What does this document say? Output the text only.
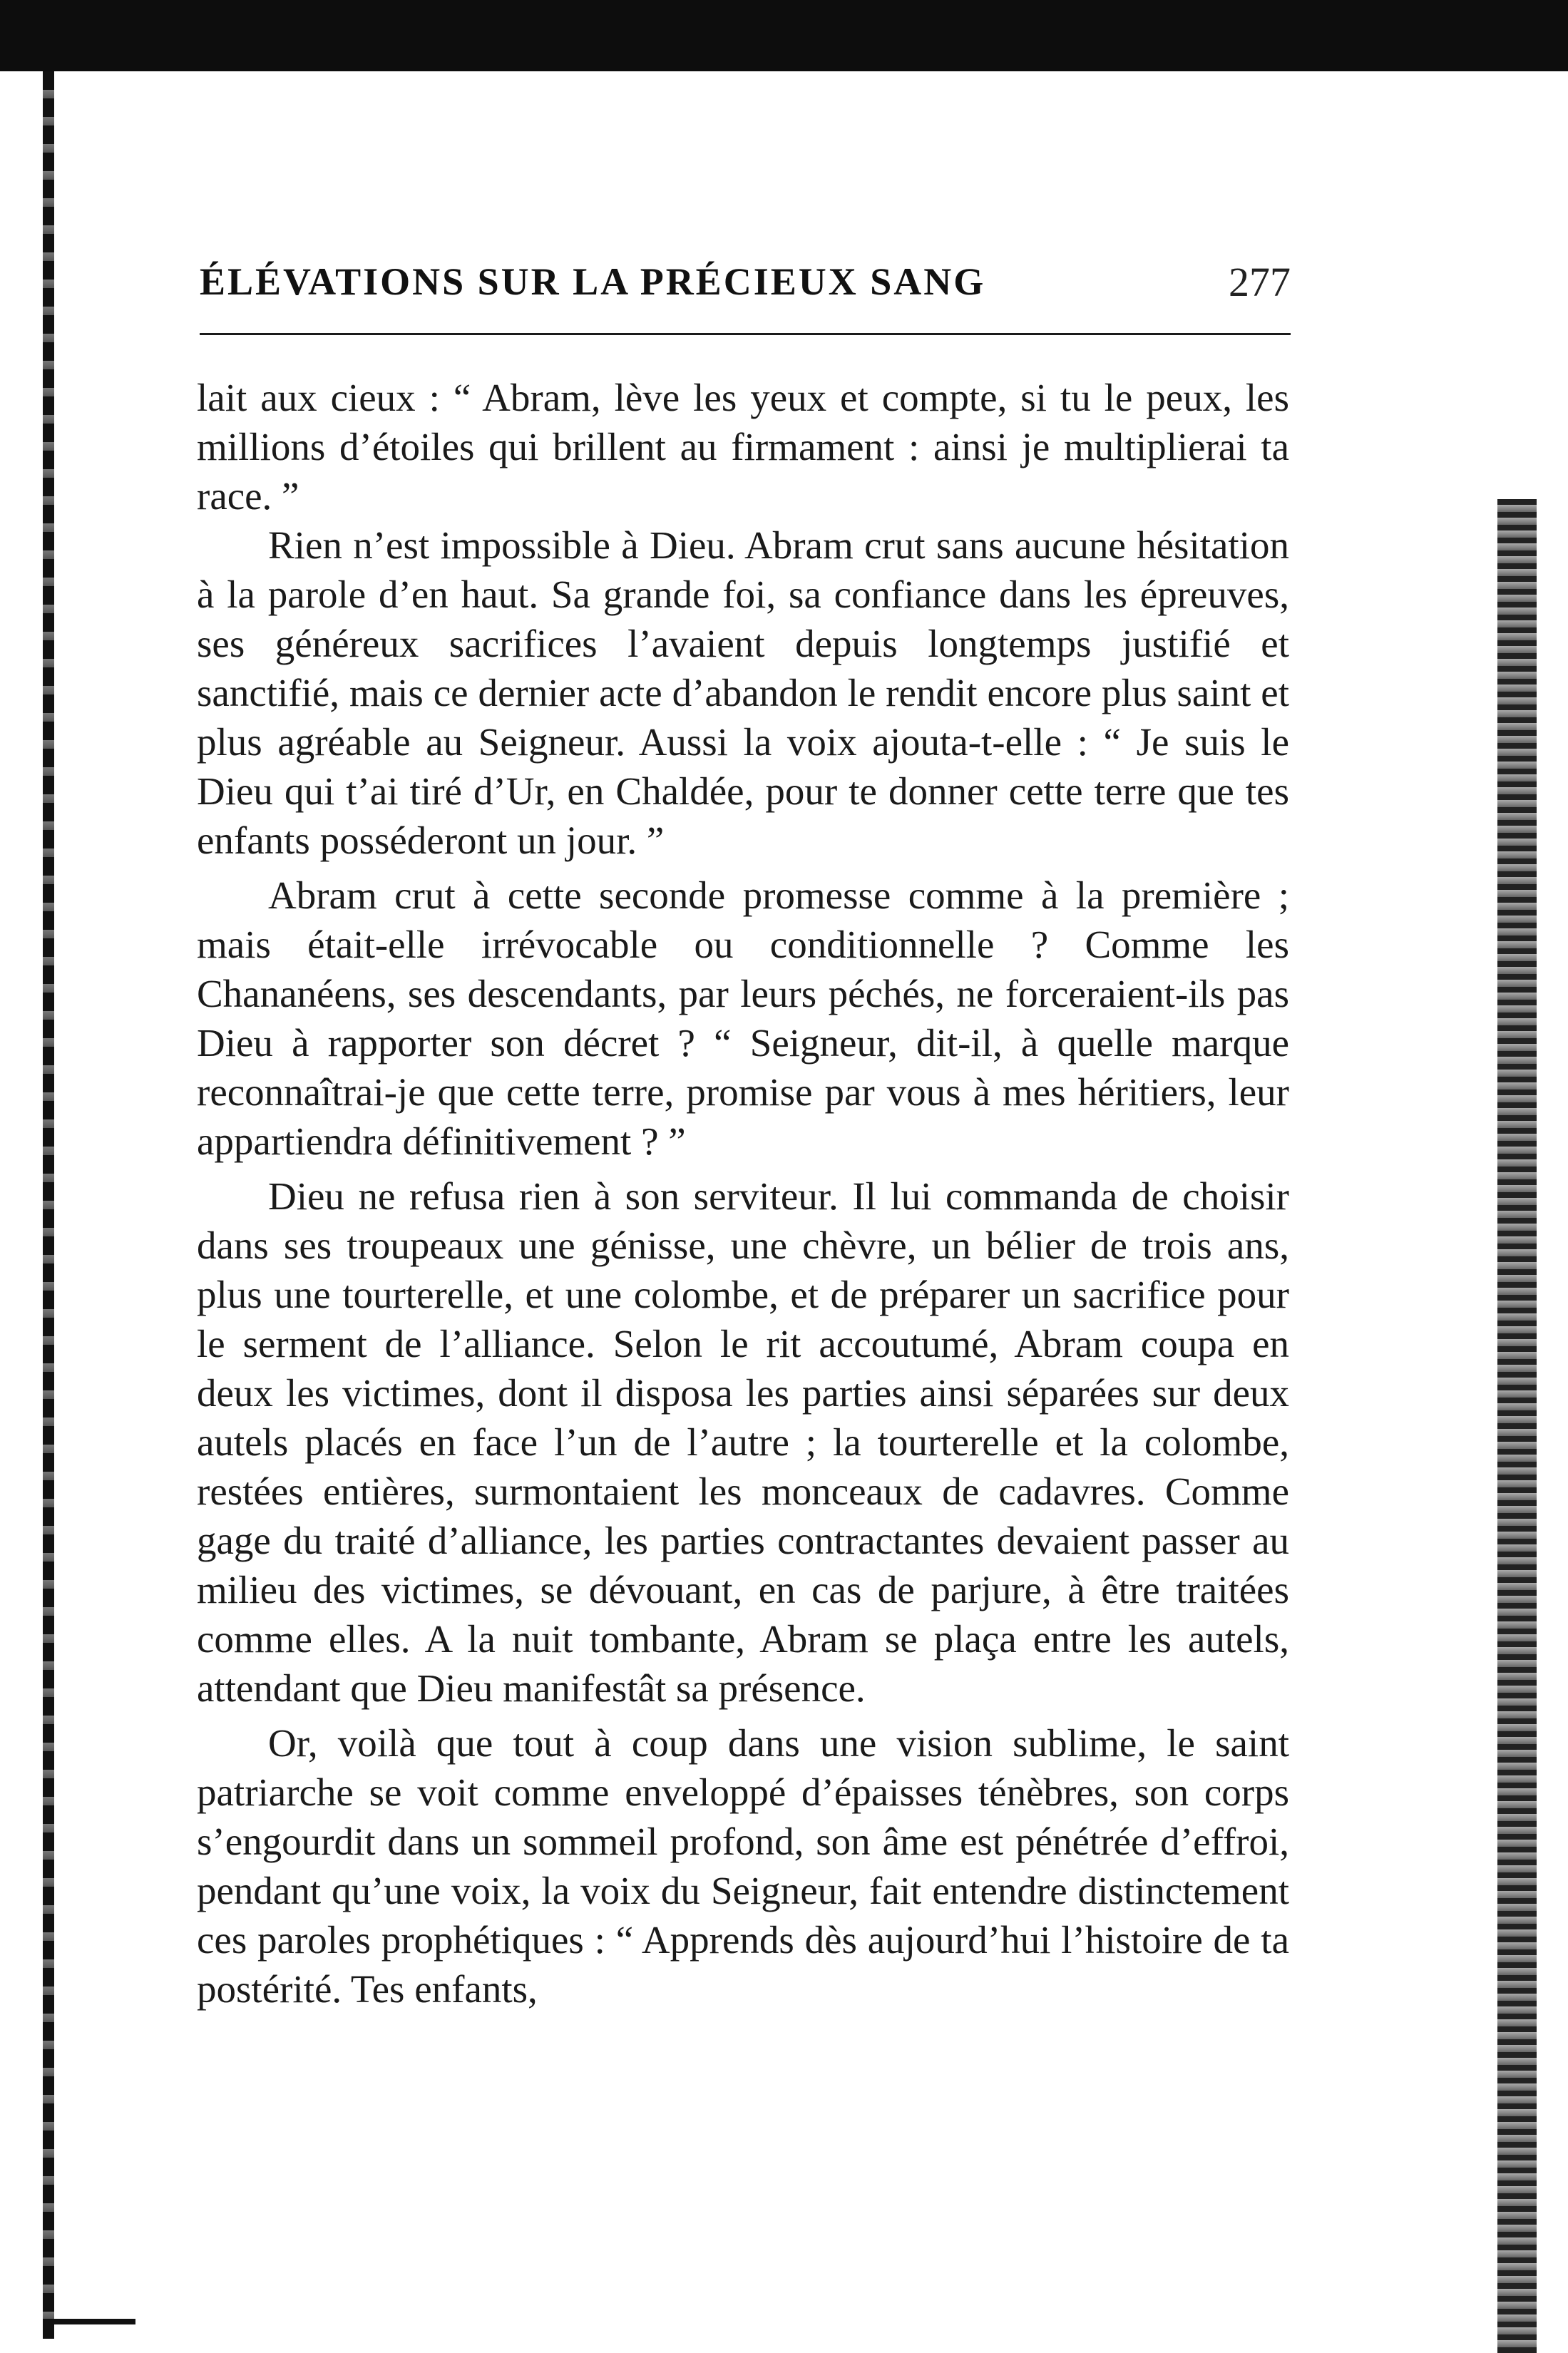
ÉLÉVATIONS SUR LA PRÉCIEUX SANG	277

lait aux cieux : “ Abram, lève les yeux et compte, si tu le peux, les millions d’étoiles qui brillent au firmament : ainsi je multiplierai ta race. ”

Rien n’est impossible à Dieu. Abram crut sans aucune hésitation à la parole d’en haut. Sa grande foi, sa confiance dans les épreuves, ses généreux sacrifices l’avaient depuis longtemps justifié et sanctifié, mais ce dernier acte d’abandon le rendit encore plus saint et plus agréable au Seigneur. Aussi la voix ajouta-t-elle : “ Je suis le Dieu qui t’ai tiré d’Ur, en Chaldée, pour te donner cette terre que tes enfants posséderont un jour. ”

Abram crut à cette seconde promesse comme à la première ; mais était-elle irrévocable ou conditionnelle ? Comme les Chananéens, ses descendants, par leurs péchés, ne forceraient-ils pas Dieu à rapporter son décret ? “ Seigneur, dit-il, à quelle marque reconnaîtrai-je que cette terre, promise par vous à mes héritiers, leur appartiendra définitivement ? ”

Dieu ne refusa rien à son serviteur. Il lui commanda de choisir dans ses troupeaux une génisse, une chèvre, un bélier de trois ans, plus une tourterelle, et une colombe, et de préparer un sacrifice pour le serment de l’alliance. Selon le rit accoutumé, Abram coupa en deux les victimes, dont il disposa les parties ainsi séparées sur deux autels placés en face l’un de l’autre ; la tourterelle et la colombe, restées entières, surmontaient les monceaux de cadavres. Comme gage du traité d’alliance, les parties contractantes devaient passer au milieu des victimes, se dévouant, en cas de parjure, à être traitées comme elles. A la nuit tombante, Abram se plaça entre les autels, attendant que Dieu manifestât sa présence.

Or, voilà que tout à coup dans une vision sublime, le saint patriarche se voit comme enveloppé d’épaisses ténèbres, son corps s’engourdit dans un sommeil profond, son âme est pénétrée d’effroi, pendant qu’une voix, la voix du Seigneur, fait entendre distinctement ces paroles prophétiques : “ Apprends dès aujourd’hui l’histoire de ta postérité. Tes enfants,
